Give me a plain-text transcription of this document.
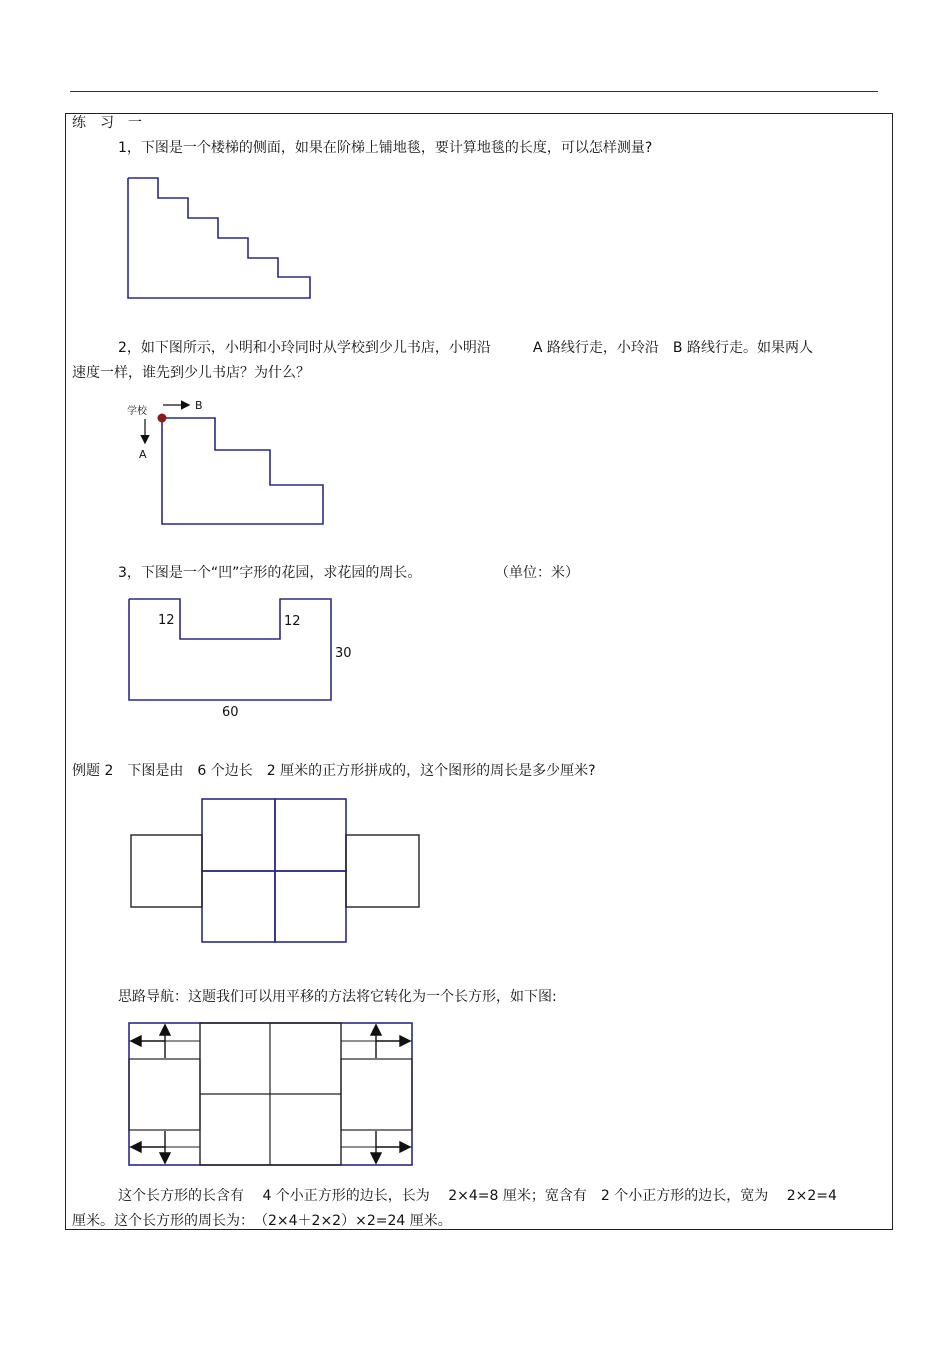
练　习　一
1，下图是一个楼梯的侧面，如果在阶梯上铺地毯，要计算地毯的长度，可以怎样测量?
2，如下图所示，小明和小玲同时从学校到少儿书店，小明沿　　　A 路线行走，小玲沿　B 路线行走。如果两人
速度一样，谁先到少儿书店？为什么？
学校	B
A
3，下图是一个“凹”字形的花园，求花园的周长。	（单位：米）
12	12
30
60
例题 2　下图是由　6 个边长　2 厘米的正方形拼成的，这个图形的周长是多少厘米?
思路导航：这题我们可以用平移的方法将它转化为一个长方形，如下图:
这个长方形的长含有　 4 个小正方形的边长，长为　 2×4=8 厘米；宽含有　2 个小正方形的边长，宽为　 2×2=4
厘米。这个长方形的周长为：　（2×4＋2×2）×2=24 厘米。
